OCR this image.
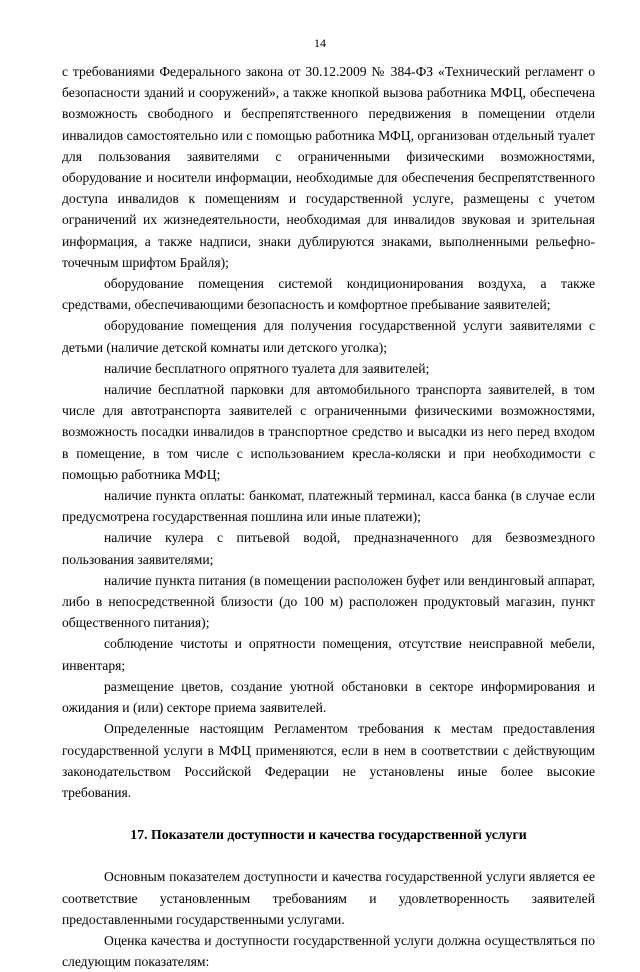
14

с требованиями Федерального закона от 30.12.2009 № 384-ФЗ «Технический регламент о безопасности зданий и сооружений», а также кнопкой вызова работника МФЦ, обеспечена возможность свободного и беспрепятственного передвижения в помещении отдели инвалидов самостоятельно или с помощью работника МФЦ, организован отдельный туалет для пользования заявителями с ограниченными физическими возможностями, оборудование и носители информации, необходимые для обеспечения беспрепятственного доступа инвалидов к помещениям и государственной услуге, размещены с учетом ограничений их жизнедеятельности, необходимая для инвалидов звуковая и зрительная информация, а также надписи, знаки дублируются знаками, выполненными рельефно-точечным шрифтом Брайля);

оборудование помещения системой кондиционирования воздуха, а также средствами, обеспечивающими безопасность и комфортное пребывание заявителей;

оборудование помещения для получения государственной услуги заявителями с детьми (наличие детской комнаты или детского уголка);

наличие бесплатного опрятного туалета для заявителей;

наличие бесплатной парковки для автомобильного транспорта заявителей, в том числе для автотранспорта заявителей с ограниченными физическими возможностями, возможность посадки инвалидов в транспортное средство и высадки из него перед входом в помещение, в том числе с использованием кресла-коляски и при необходимости с помощью работника МФЦ;

наличие пункта оплаты: банкомат, платежный терминал, касса банка (в случае если предусмотрена государственная пошлина или иные платежи);

наличие кулера с питьевой водой, предназначенного для безвозмездного пользования заявителями;

наличие пункта питания (в помещении расположен буфет или вендинговый аппарат, либо в непосредственной близости (до 100 м) расположен продуктовый магазин, пункт общественного питания);

соблюдение чистоты и опрятности помещения, отсутствие неисправной мебели, инвентаря;

размещение цветов, создание уютной обстановки в секторе информирования и ожидания и (или) секторе приема заявителей.

Определенные настоящим Регламентом требования к местам предоставления государственной услуги в МФЦ применяются, если в нем в соответствии с действующим законодательством Российской Федерации не установлены иные более высокие требования.

17. Показатели доступности и качества государственной услуги

Основным показателем доступности и качества государственной услуги является ее соответствие установленным требованиям и удовлетворенность заявителей предоставленными государственными услугами.

Оценка качества и доступности государственной услуги должна осуществляться по следующим показателям:
